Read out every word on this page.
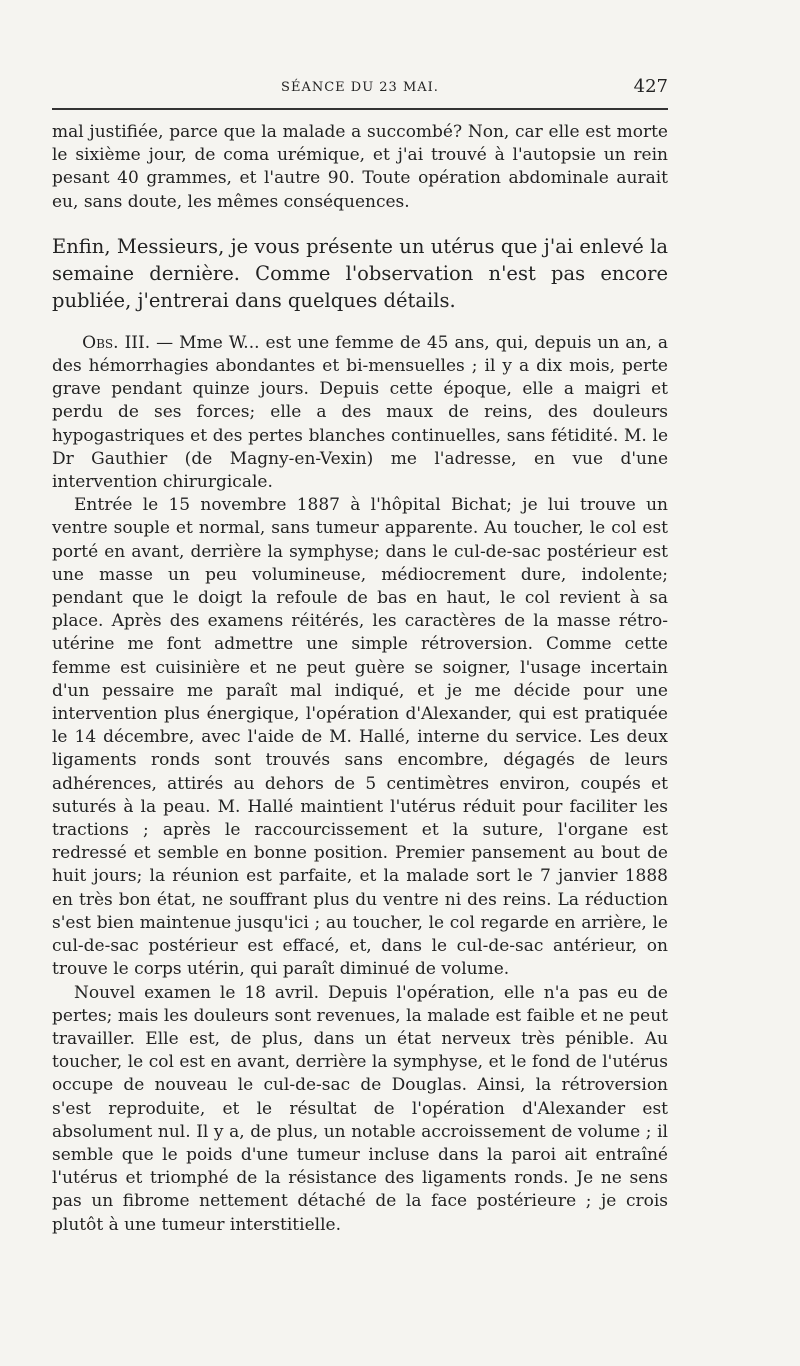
SÉANCE DU 23 MAI.	427

mal justifiée, parce que la malade a succombé? Non, car elle est morte le sixième jour, de coma urémique, et j'ai trouvé à l'autopsie un rein pesant 40 grammes, et l'autre 90. Toute opération abdominale aurait eu, sans doute, les mêmes conséquences.

Enfin, Messieurs, je vous présente un utérus que j'ai enlevé la semaine dernière. Comme l'observation n'est pas encore publiée, j'entrerai dans quelques détails.

Obs. III. — Mme W... est une femme de 45 ans, qui, depuis un an, a des hémorrhagies abondantes et bi-mensuelles ; il y a dix mois, perte grave pendant quinze jours. Depuis cette époque, elle a maigri et perdu de ses forces; elle a des maux de reins, des douleurs hypogastriques et des pertes blanches continuelles, sans fétidité. M. le Dr Gauthier (de Magny-en-Vexin) me l'adresse, en vue d'une intervention chirurgicale.

Entrée le 15 novembre 1887 à l'hôpital Bichat; je lui trouve un ventre souple et normal, sans tumeur apparente. Au toucher, le col est porté en avant, derrière la symphyse; dans le cul-de-sac postérieur est une masse un peu volumineuse, médiocrement dure, indolente; pendant que le doigt la refoule de bas en haut, le col revient à sa place. Après des examens réitérés, les caractères de la masse rétro-utérine me font admettre une simple rétroversion. Comme cette femme est cuisinière et ne peut guère se soigner, l'usage incertain d'un pessaire me paraît mal indiqué, et je me décide pour une intervention plus énergique, l'opération d'Alexander, qui est pratiquée le 14 décembre, avec l'aide de M. Hallé, interne du service. Les deux ligaments ronds sont trouvés sans encombre, dégagés de leurs adhérences, attirés au dehors de 5 centimètres environ, coupés et suturés à la peau. M. Hallé maintient l'utérus réduit pour faciliter les tractions ; après le raccourcissement et la suture, l'organe est redressé et semble en bonne position. Premier pansement au bout de huit jours; la réunion est parfaite, et la malade sort le 7 janvier 1888 en très bon état, ne souffrant plus du ventre ni des reins. La réduction s'est bien maintenue jusqu'ici ; au toucher, le col regarde en arrière, le cul-de-sac postérieur est effacé, et, dans le cul-de-sac antérieur, on trouve le corps utérin, qui paraît diminué de volume.

Nouvel examen le 18 avril. Depuis l'opération, elle n'a pas eu de pertes; mais les douleurs sont revenues, la malade est faible et ne peut travailler. Elle est, de plus, dans un état nerveux très pénible. Au toucher, le col est en avant, derrière la symphyse, et le fond de l'utérus occupe de nouveau le cul-de-sac de Douglas. Ainsi, la rétroversion s'est reproduite, et le résultat de l'opération d'Alexander est absolument nul. Il y a, de plus, un notable accroissement de volume ; il semble que le poids d'une tumeur incluse dans la paroi ait entraîné l'utérus et triomphé de la résistance des ligaments ronds. Je ne sens pas un fibrome nettement détaché de la face postérieure ; je crois plutôt à une tumeur interstitielle.
